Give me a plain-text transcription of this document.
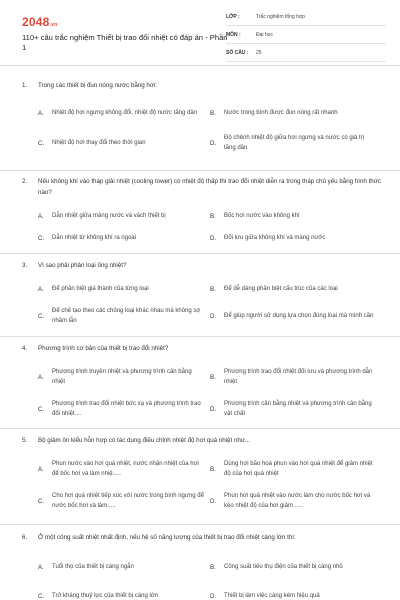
2048.vn
110+ câu trắc nghiệm Thiết bị trao đổi nhiệt có đáp án - Phần 1
LỚP :	Trắc nghiệm tổng hợp
MÔN :	Đại học
SỐ CÂU : 25
1.	Trong các thiết bị đun nóng nước bằng hơi:
A.	Nhiệt độ hơi ngưng không đổi, nhiệt độ nước tăng dần	B.	Nước trong bình được đun nóng rất nhanh
C.	Nhiệt độ hơi thay đổi theo thời gian	D.
Độ chênh nhiệt độ giữa hơi ngưng và nước có giá trị tăng dần
2.	Nếu không khí vào tháp giải nhiệt (cooling tower) có nhiệt độ thấp thì trao đổi nhiệt diễn ra trong tháp chủ yếu bằng hình thức nào?
A.	Dẫn nhiệt giữa màng nước và vách thiết bị	B.	Bốc hơi nước vào không khí
C.	Dẫn nhiệt từ không khí ra ngoài	D.	Đối lưu giữa không khí và màng nước
3.	Vì sao phải phân loại ống nhiệt?
A.	Để phân biệt giá thành của từng loại	B.	Để dễ dàng phân biệt cấu trúc của các loại
C.
Để chế tạo theo các chủng loại khác nhau mà không sợ nhầm lẫn
D.	Để giúp người sử dụng lựa chọn đúng loại mà mình cần
4.	Phương trình cơ bản của thiết bị trao đổi nhiệt?
A.
Phương trình truyền nhiệt và phương trình cân bằng nhiệt
B.
Phương trình trao đổi nhiệt đối lưu và phương trình dẫn nhiệt
C.
Phương trình trao đổi nhiệt bức xạ và phương trình trao đổi nhiệt....
D.
Phương trình cân bằng nhiệt và phương trình cân bằng vật chất
5.	Bộ giảm ôn kiểu hỗn hợp có tác dụng điều chỉnh nhiệt độ hơi quá nhiệt như...
A.
Phun nước vào hơi quá nhiệt, nước nhận nhiệt của hơi để bốc hơi và làm nhiệ.....
B.
Dùng hơi bão hoà phun vào hơi quá nhiệt để giảm nhiệt độ của hơi quá nhiệt
C.
Cho hơi quá nhiệt tiếp xúc với nước trong bình ngưng để nước bốc hơi và làm.....
D.
Phun hơi quá nhiệt vào nước làm cho nước bốc hơi và kéo nhiệt độ của hơi giảm .....
6.	Ở một công suất nhiệt nhất định, nếu hệ số năng lượng của thiết bị trao đổi nhiệt càng lớn thì:
A.	Tuổi thọ của thiết bị càng ngắn	B.	Công suất tiêu thụ điện của thiết bị càng nhỏ
C.	Trở kháng thuỷ lực của thiết bị càng lớn	D.	Thiết bị làm việc càng kém hiệu quả
